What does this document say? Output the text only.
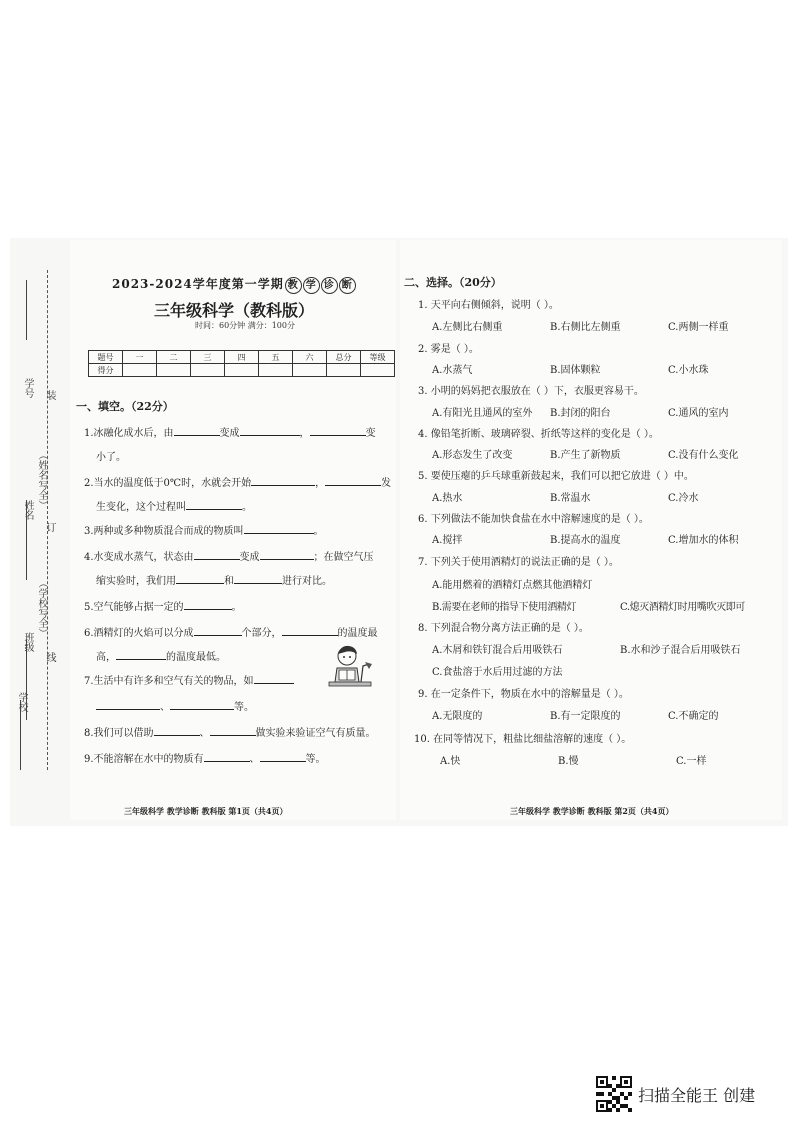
学号
姓名 （姓名写全）
班级
（学校写全）
学校
装
订
线
2023-2024学年度第一学期 教 学 诊 断
三年级科学（教科版）
时间：60分钟 满分：100分
题号	一	二	三	四	五	六	总分	等级
得分								
一、填空。（22分）
1.冰融化成水后，由	变成	，	变
小了。
2.当水的温度低于0℃时，水就会开始	，	发
生变化，这个过程叫	。
3.两种或多种物质混合而成的物质叫	。
4.水变成水蒸气，状态由	变成	；在做空气压
缩实验时，我们用	和	进行对比。
5.空气能够占据一定的	。
6.酒精灯的火焰可以分成	个部分，	的温度最
高，	的温度最低。
7.生活中有许多和空气有关的物品，如
、	等。
8.我们可以借助	、	做实验来验证空气有质量。
9.不能溶解在水中的物质有	、	等。
三年级科学 教学诊断 教科版 第1页（共4页）
二、选择。（20分）
1. 天平向右侧倾斜，说明（ ）。
A.左侧比右侧重	B.右侧比左侧重	C.两侧一样重
2. 雾是（ ）。
A.水蒸气	B.固体颗粒	C.小水珠
3. 小明的妈妈把衣服放在（ ）下，衣服更容易干。
A.有阳光且通风的室外 B.封闭的阳台	C.通风的室内
4. 像铅笔折断、玻璃碎裂、折纸等这样的变化是（ ）。
A.形态发生了改变	B.产生了新物质	C.没有什么变化
5. 要使压瘪的乒乓球重新鼓起来，我们可以把它放进（ ）中。
A.热水	B.常温水	C.冷水
6. 下列做法不能加快食盐在水中溶解速度的是（ ）。
A.搅拌	B.提高水的温度	C.增加水的体积
7. 下列关于使用酒精灯的说法正确的是（ ）。
A.能用燃着的酒精灯点燃其他酒精灯
B.需要在老师的指导下使用酒精灯	C.熄灭酒精灯时用嘴吹灭即可
8. 下列混合物分离方法正确的是（ ）。
A.木屑和铁钉混合后用吸铁石	B.水和沙子混合后用吸铁石
C.食盐溶于水后用过滤的方法
9. 在一定条件下，物质在水中的溶解量是（ ）。
A.无限度的	B.有一定限度的	C.不确定的
10. 在同等情况下，粗盐比细盐溶解的速度（ ）。
A.快	B.慢	C.一样
三年级科学 教学诊断 教科版 第2页（共4页）
扫描全能王 创建
